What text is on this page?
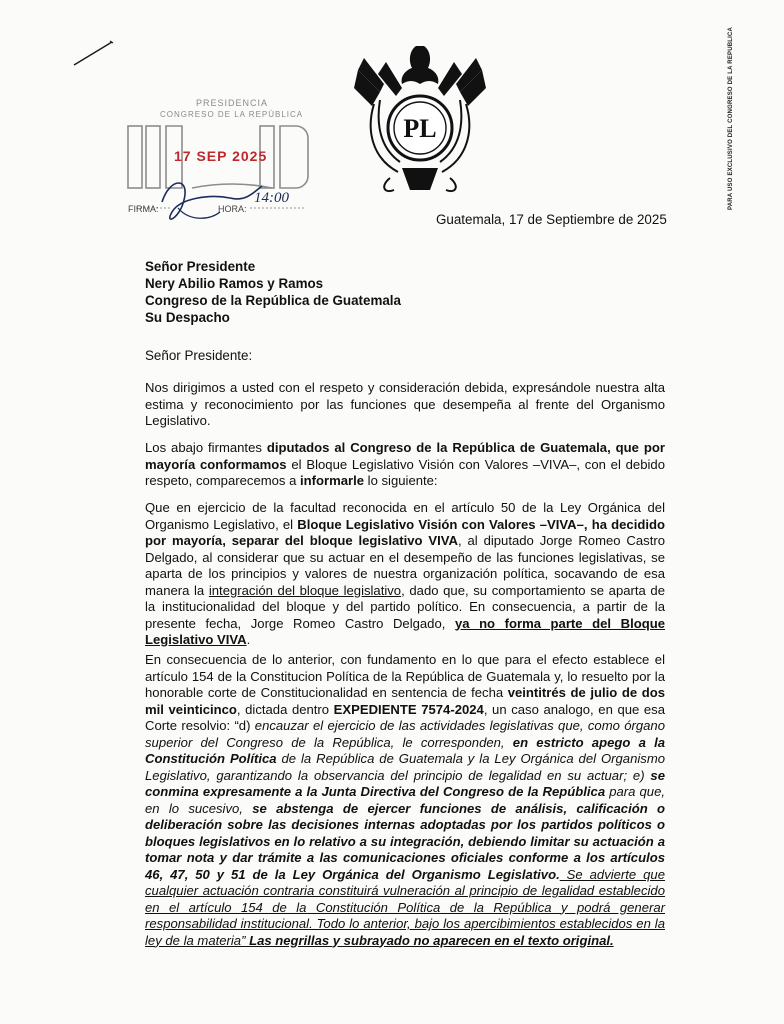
PARA USO EXCLUSIVO DEL CONGRESO DE LA REPÚBLICA
PRESIDENCIA
CONGRESO DE LA REPÚBLICA
17 SEP 2025
FIRMA:	HORA:
14:00
PL
Guatemala, 17 de Septiembre de 2025
Señor Presidente
Nery Abilio Ramos y Ramos
Congreso de la República de Guatemala
Su Despacho
Señor Presidente:
Nos dirigimos a usted con el respeto y consideración debida, expresándole nuestra alta estima y reconocimiento por las funciones que desempeña al frente del Organismo Legislativo.
Los abajo firmantes diputados al Congreso de la República de Guatemala, que por mayoría conformamos el Bloque Legislativo Visión con Valores –VIVA–, con el debido respeto, comparecemos a informarle lo siguiente:
Que en ejercicio de la facultad reconocida en el artículo 50 de la Ley Orgánica del Organismo Legislativo, el Bloque Legislativo Visión con Valores –VIVA–, ha decidido por mayoría, separar del bloque legislativo VIVA, al diputado Jorge Romeo Castro Delgado, al considerar que su actuar en el desempeño de las funciones legislativas, se aparta de los principios y valores de nuestra organización política, socavando de esa manera la integración del bloque legislativo, dado que, su comportamiento se aparta de la institucionalidad del bloque y del partido político. En consecuencia, a partir de la presente fecha, Jorge Romeo Castro Delgado, ya no forma parte del Bloque Legislativo VIVA.
En consecuencia de lo anterior, con fundamento en lo que para el efecto establece el artículo 154 de la Constitucion Política de la República de Guatemala y, lo resuelto por la honorable corte de Constitucionalidad en sentencia de fecha veintitrés de julio de dos mil veinticinco, dictada dentro EXPEDIENTE 7574-2024, un caso analogo, en que esa Corte resolvio: “d) encauzar el ejercicio de las actividades legislativas que, como órgano superior del Congreso de la República, le corresponden, en estricto apego a la Constitución Política de la República de Guatemala y la Ley Orgánica del Organismo Legislativo, garantizando la observancia del principio de legalidad en su actuar; e) se conmina expresamente a la Junta Directiva del Congreso de la República para que, en lo sucesivo, se abstenga de ejercer funciones de análisis, calificación o deliberación sobre las decisiones internas adoptadas por los partidos políticos o bloques legislativos en lo relativo a su integración, debiendo limitar su actuación a tomar nota y dar trámite a las comunicaciones oficiales conforme a los artículos 46, 47, 50 y 51 de la Ley Orgánica del Organismo Legislativo. Se advierte que cualquier actuación contraria constituirá vulneración al principio de legalidad establecido en el artículo 154 de la Constitución Política de la República y podrá generar responsabilidad institucional. Todo lo anterior, bajo los apercibimientos establecidos en la ley de la materia” Las negrillas y subrayado no aparecen en el texto original.
